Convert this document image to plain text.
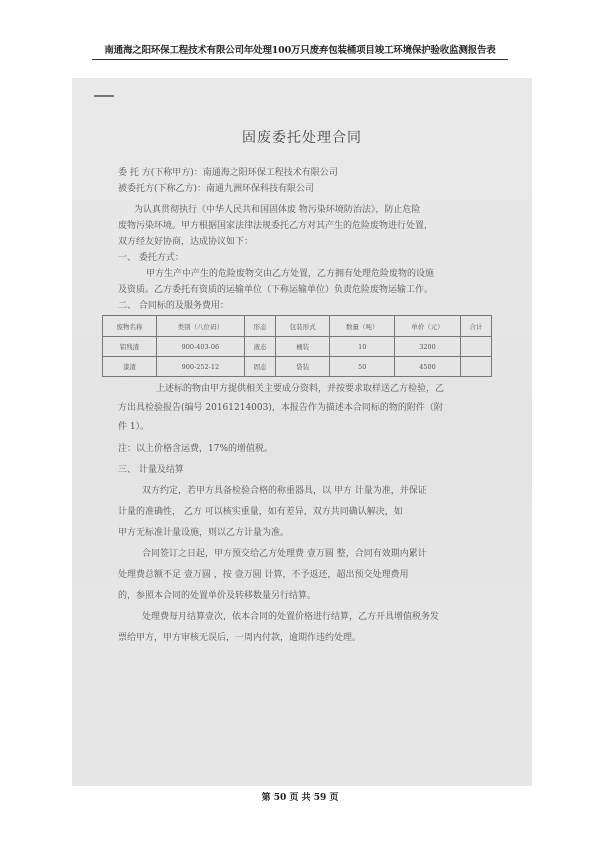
南通海之阳环保工程技术有限公司年处理100万只废弃包装桶项目竣工环境保护验收监测报告表
固废委托处理合同
委 托 方(下称甲方)：南通海之阳环保工程技术有限公司
被委托方(下称乙方)：南通九洲环保科技有限公司
为认真贯彻执行《中华人民共和国固体废 物污染环境防治法》，防止危险
废物污染环境。甲方根据国家法律法规委托乙方对其产生的危险废物进行处置，
双方经友好协商，达成协议如下：
一、 委托方式：
甲方生产中产生的危险废物交由乙方处置，乙方拥有处理危险废物的设施
及资质。乙方委托有资质的运输单位（下称运输单位）负责危险废物运输工作。
二、 合同标的及服务费用：
废物名称	类别（八位码）	形态	包装形式	数量（吨）	单价（元）	合计
铝残渣	900-403-06	液态	桶装	10	3200	
漆渣	900-252-12	固态	袋装	50	4500	
上述标的物由甲方提供相关主要成分资料，并按要求取样送乙方检验，乙
方出具检验报告(编号 20161214003)，本报告作为描述本合同标的物的附件（附
件 1）。
注：以上价格含运费，17%的增值税。
三、 计量及结算
双方约定，若甲方具备检验合格的称重器具，以 甲方 计量为准，并保证
计量的准确性， 乙方 可以核实重量，如有差异，双方共同确认解决，如
甲方无标准计量设施，则以乙方计量为准。
合同签订之日起，甲方预交给乙方处理费 壹万圆 整，合同有效期内累计
处理费总额不足 壹万圆 ，按 壹万圆 计算，不予返还，超出预交处理费用
的，参照本合同的处置单价及转移数量另行结算。
处理费每月结算壹次，依本合同的处置价格进行结算，乙方开具增值税务发
票给甲方，甲方审核无误后，一周内付款，逾期作违约处理。
第 50 页 共 59 页
